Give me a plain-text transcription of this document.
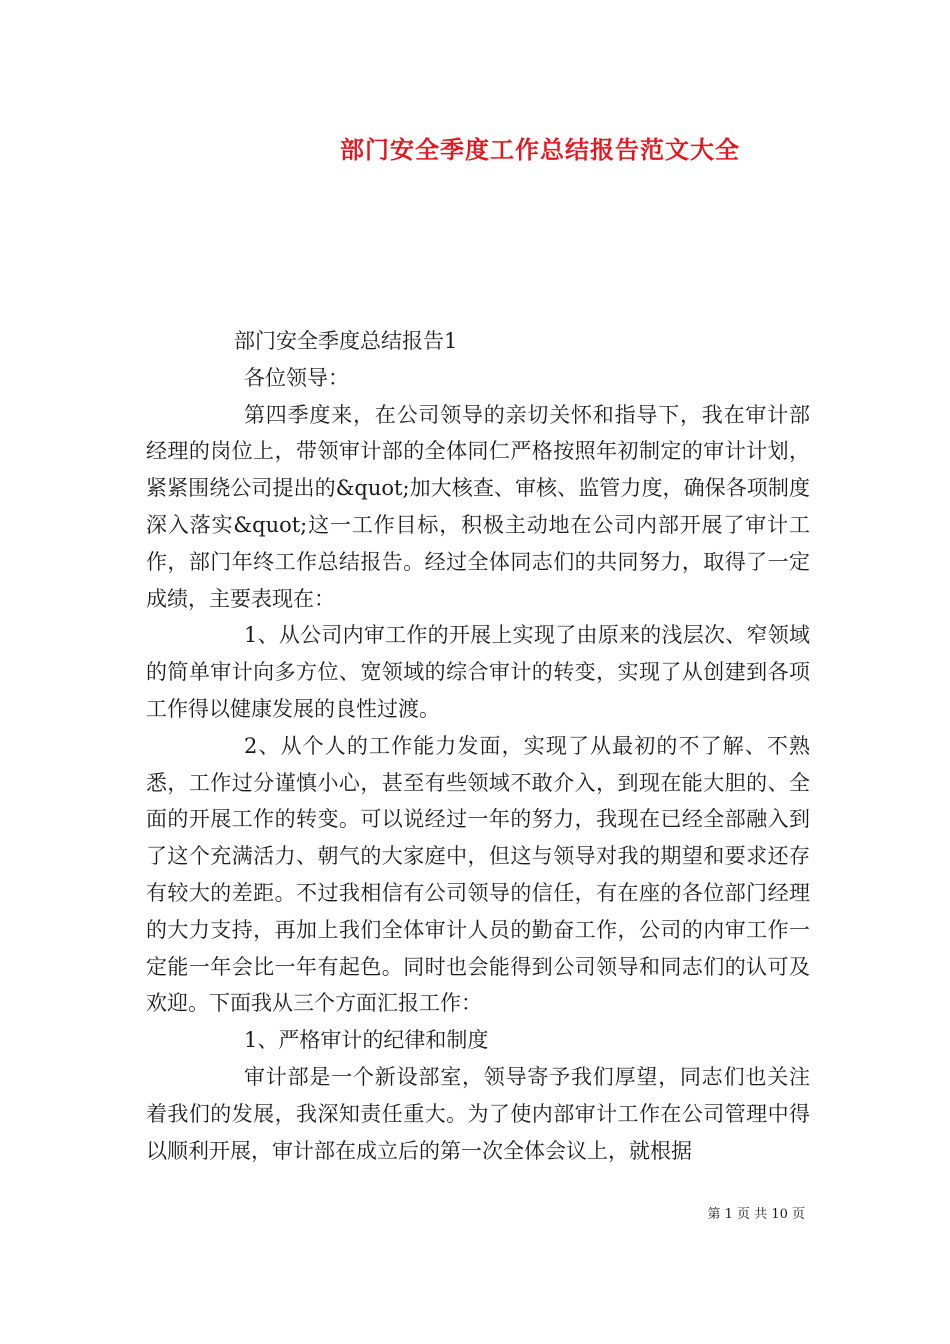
部门安全季度工作总结报告范文大全

部门安全季度总结报告1

各位领导：

第四季度来，在公司领导的亲切关怀和指导下，我在审计部经理的岗位上，带领审计部的全体同仁严格按照年初制定的审计计划，紧紧围绕公司提出的&quot;加大核查、审核、监管力度，确保各项制度深入落实&quot;这一工作目标，积极主动地在公司内部开展了审计工作，部门年终工作总结报告。经过全体同志们的共同努力，取得了一定成绩，主要表现在：

1、从公司内审工作的开展上实现了由原来的浅层次、窄领域的简单审计向多方位、宽领域的综合审计的转变，实现了从创建到各项工作得以健康发展的良性过渡。

2、从个人的工作能力发面，实现了从最初的不了解、不熟悉，工作过分谨慎小心，甚至有些领域不敢介入，到现在能大胆的、全面的开展工作的转变。可以说经过一年的努力，我现在已经全部融入到了这个充满活力、朝气的大家庭中，但这与领导对我的期望和要求还存有较大的差距。不过我相信有公司领导的信任，有在座的各位部门经理的大力支持，再加上我们全体审计人员的勤奋工作，公司的内审工作一定能一年会比一年有起色。同时也会能得到公司领导和同志们的认可及欢迎。下面我从三个方面汇报工作：

1、严格审计的纪律和制度

审计部是一个新设部室，领导寄予我们厚望，同志们也关注着我们的发展，我深知责任重大。为了使内部审计工作在公司管理中得以顺利开展，审计部在成立后的第一次全体会议上，就根据

第 1 页 共 10 页
